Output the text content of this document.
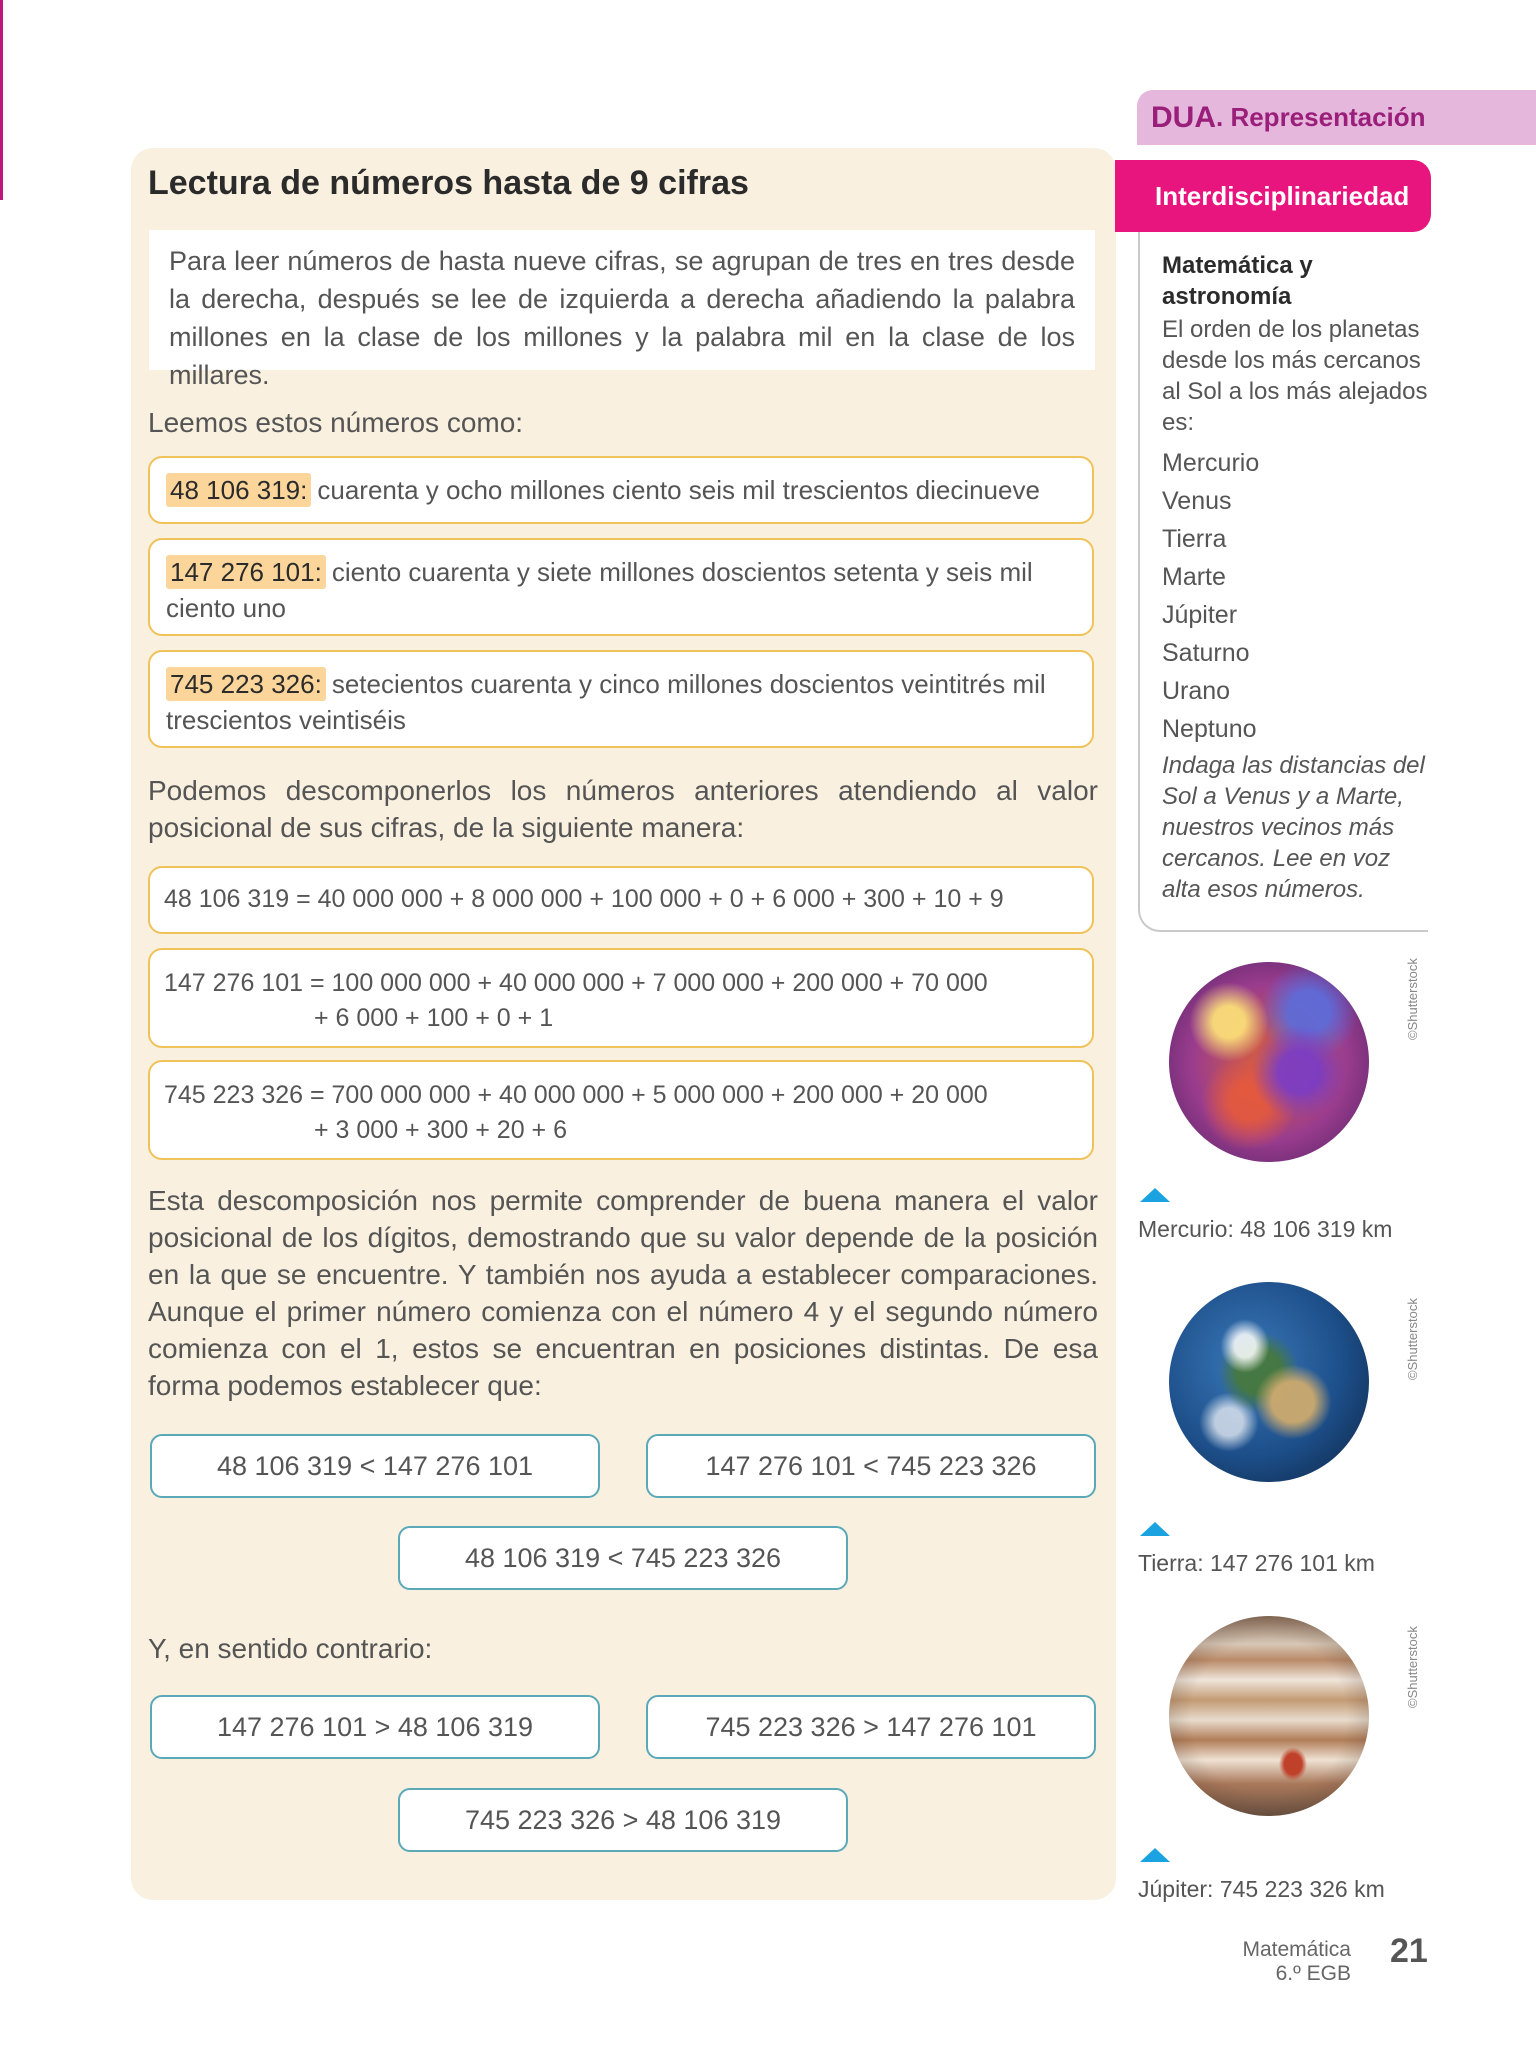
Lectura de números hasta de 9 cifras
Para leer números de hasta nueve cifras, se agrupan de tres en tres desde la derecha, después se lee de izquierda a derecha añadiendo la palabra millones en la clase de los millones y la palabra mil en la clase de los millares.
Leemos estos números como:
48 106 319: cuarenta y ocho millones ciento seis mil trescientos diecinueve
147 276 101: ciento cuarenta y siete millones doscientos setenta y seis mil ciento uno
745 223 326: setecientos cuarenta y cinco millones doscientos veintitrés mil trescientos veintiséis
Podemos descomponerlos los números anteriores atendiendo al valor posicional de sus cifras, de la siguiente manera:
48 106 319 = 40 000 000 + 8 000 000 + 100 000 + 0 + 6 000 + 300 + 10 + 9
147 276 101 = 100 000 000 + 40 000 000 + 7 000 000 + 200 000 + 70 000
+ 6 000 + 100 + 0 + 1
745 223 326 = 700 000 000 + 40 000 000 + 5 000 000 + 200 000 + 20 000
+ 3 000 + 300 + 20 + 6
Esta descomposición nos permite comprender de buena manera el valor posicional de los dígitos, demostrando que su valor depende de la posición en la que se encuentre. Y también nos ayuda a establecer comparaciones. Aunque el primer número comienza con el número 4 y el segundo número comienza con el 1, estos se encuentran en posiciones distintas. De esa forma podemos establecer que:
48 106 319 < 147 276 101	147 276 101 < 745 223 326
48 106 319 < 745 223 326
Y, en sentido contrario:
147 276 101 > 48 106 319	745 223 326 > 147 276 101
745 223 326 > 48 106 319
DUA . Representación
Interdisciplinariedad
Matemática y astronomía
El orden de los planetas desde los más cercanos al Sol a los más alejados es:
Mercurio
Venus
Tierra
Marte
Júpiter
Saturno
Urano
Neptuno
Indaga las distancias del Sol a Venus y a Marte, nuestros vecinos más cercanos. Lee en voz alta esos números.
©Shutterstock
Mercurio: 48 106 319 km
©Shutterstock
Tierra: 147 276 101 km
©Shutterstock
Júpiter: 745 223 326 km
Matemática
6.º EGB
21
